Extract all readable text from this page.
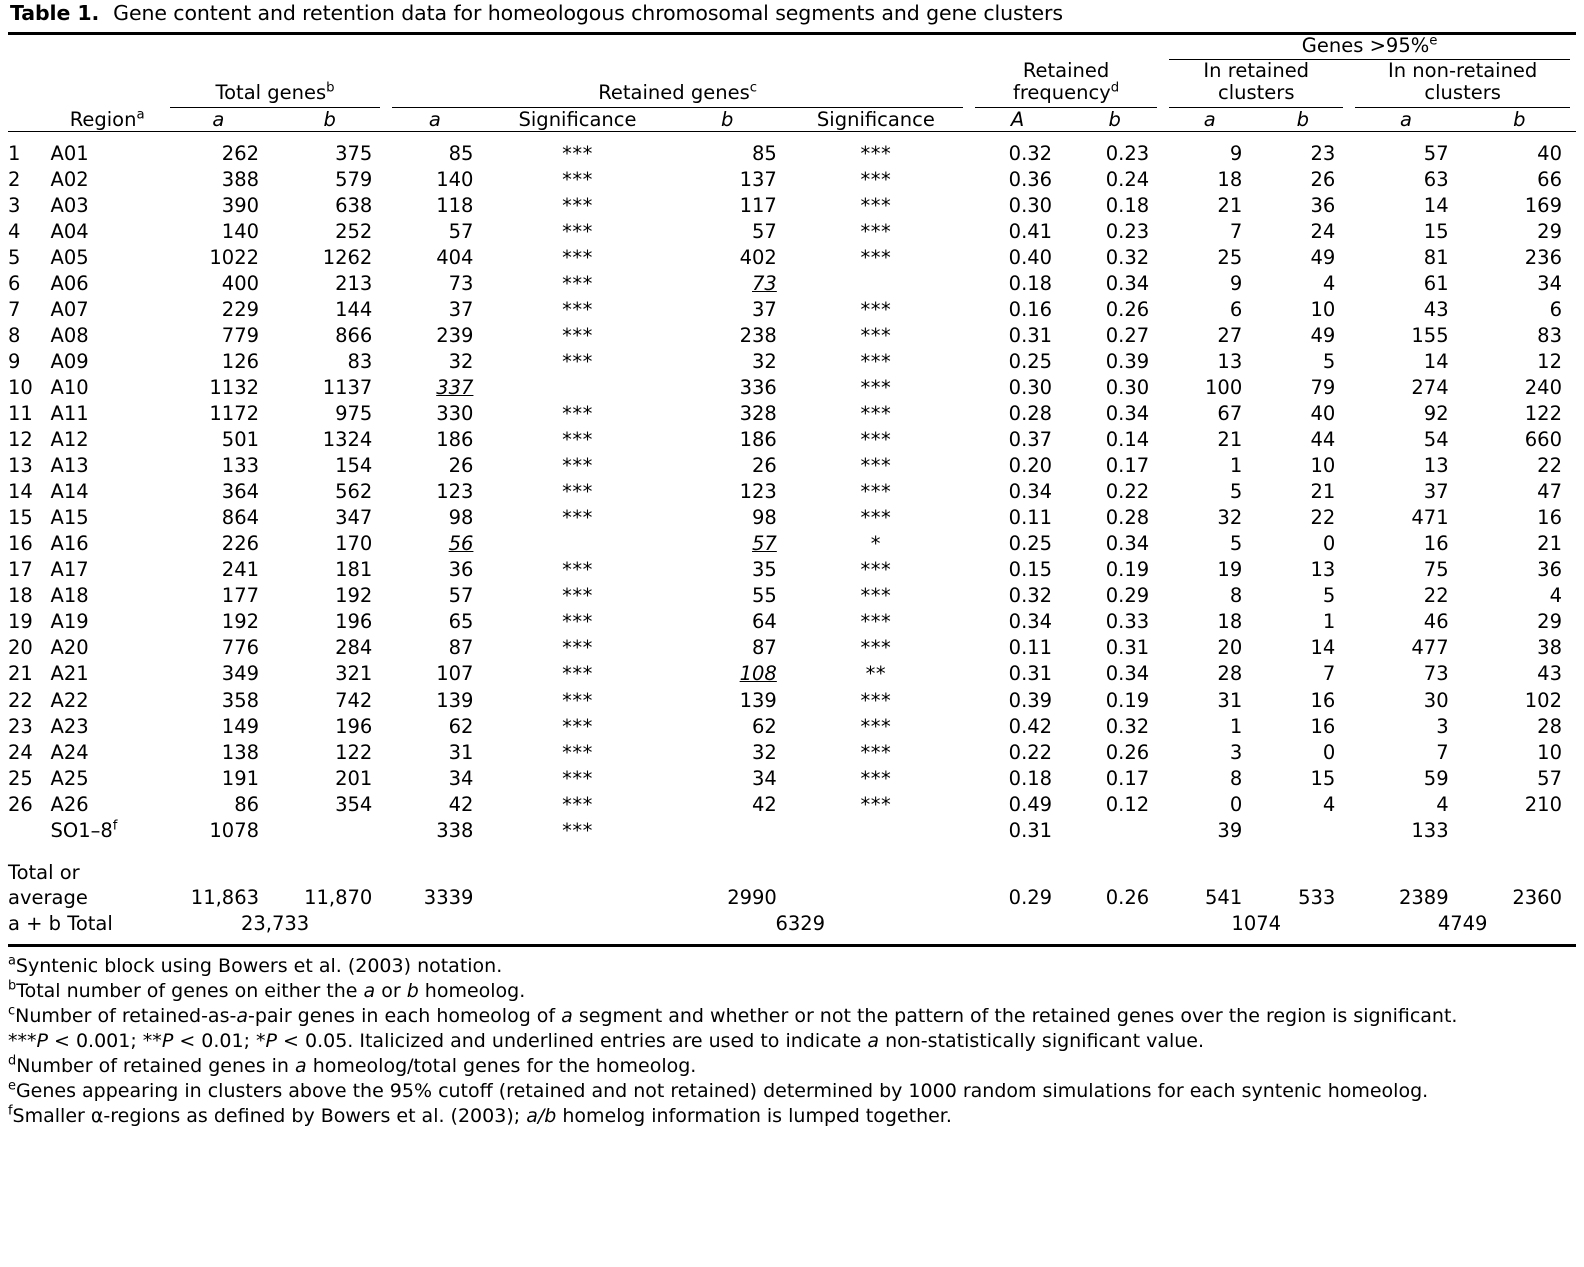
Table 1. Gene content and retention data for homeologous chromosomal segments and gene clusters
										Genes >95%$^e$

		Total genes$^b$		Retained genes$^c$				Retained
frequency$^d$		In retained
clusters		In non-retained
clusters	

	Region$^a$	a	b	a	Significance	b	Significance	A	b	a	b	a	b

1	A01	262	375	85	***	85	***	0.32	0.23	9	23	57	40
2	A02	388	579	140	***	137	***	0.36	0.24	18	26	63	66
3	A03	390	638	118	***	117	***	0.30	0.18	21	36	14	169
4	A04	140	252	57	***	57	***	0.41	0.23	7	24	15	29
5	A05	1022	1262	404	***	402	***	0.40	0.32	25	49	81	236
6	A06	400	213	73	***	73		0.18	0.34	9	4	61	34
7	A07	229	144	37	***	37	***	0.16	0.26	6	10	43	6
8	A08	779	866	239	***	238	***	0.31	0.27	27	49	155	83
9	A09	126	83	32	***	32	***	0.25	0.39	13	5	14	12
10	A10	1132	1137	337		336	***	0.30	0.30	100	79	274	240
11	A11	1172	975	330	***	328	***	0.28	0.34	67	40	92	122
12	A12	501	1324	186	***	186	***	0.37	0.14	21	44	54	660
13	A13	133	154	26	***	26	***	0.20	0.17	1	10	13	22
14	A14	364	562	123	***	123	***	0.34	0.22	5	21	37	47
15	A15	864	347	98	***	98	***	0.11	0.28	32	22	471	16
16	A16	226	170	56		57	*	0.25	0.34	5	0	16	21
17	A17	241	181	36	***	35	***	0.15	0.19	19	13	75	36
18	A18	177	192	57	***	55	***	0.32	0.29	8	5	22	4
19	A19	192	196	65	***	64	***	0.34	0.33	18	1	46	29
20	A20	776	284	87	***	87	***	0.11	0.31	20	14	477	38
21	A21	349	321	107	***	108	**	0.31	0.34	28	7	73	43
22	A22	358	742	139	***	139	***	0.39	0.19	31	16	30	102
23	A23	149	196	62	***	62	***	0.42	0.32	1	16	3	28
24	A24	138	122	31	***	32	***	0.22	0.26	3	0	7	10
25	A25	191	201	34	***	34	***	0.18	0.17	8	15	59	57
26	A26	86	354	42	***	42	***	0.49	0.12	0	4	4	210
	SO1–8$^f$	1078		338	***			0.31		39		133	

Total or average		11,863	11,870	3339		2990		0.29	0.26	541	533	2389	2360
a + b Total		23,733				6329				1074		4749	
$^a$Syntenic block using Bowers et al. (2003) notation.
$^b$Total number of genes on either the a or b homeolog.
$^c$Number of retained-as-a-pair genes in each homeolog of a segment and whether or not the pattern of the retained genes over the region is significant.
***P < 0.001; **P < 0.01; *P < 0.05. Italicized and underlined entries are used to indicate a non-statistically significant value.
$^d$Number of retained genes in a homeolog/total genes for the homeolog.
$^e$Genes appearing in clusters above the 95% cutoff (retained and not retained) determined by 1000 random simulations for each syntenic homeolog.
$^f$Smaller α-regions as defined by Bowers et al. (2003); a/b homelog information is lumped together.
